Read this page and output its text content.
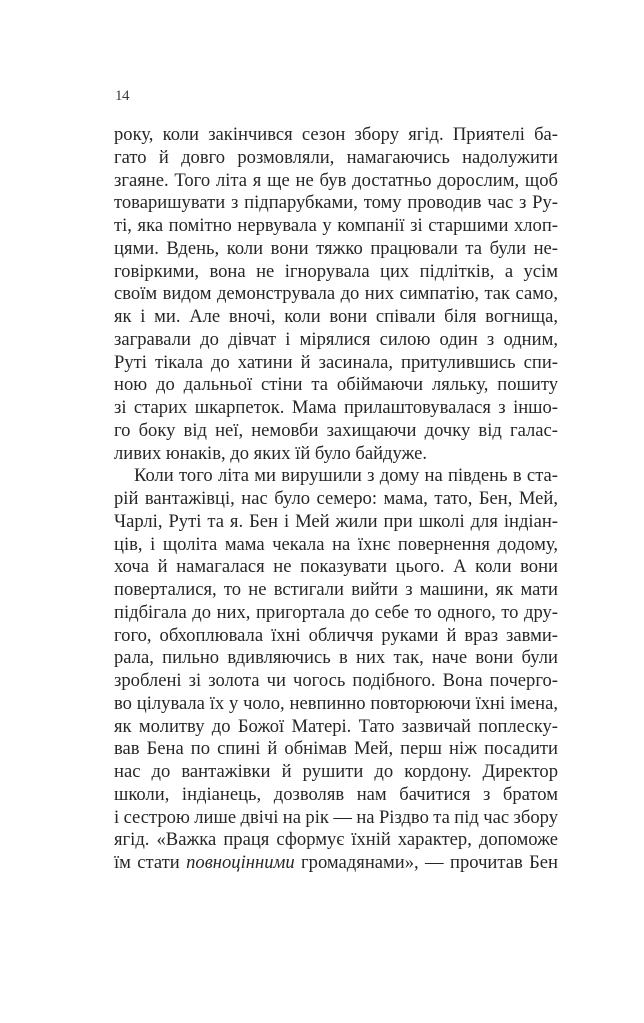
14
року, коли закінчився сезон збору ягід. Приятелі ба-
гато й довго розмовляли, намагаючись надолужити
згаяне. Того літа я ще не був достатньо дорослим, щоб
товаришувати з підпарубками, тому проводив час з Ру-
ті, яка помітно нервувала у компанії зі старшими хлоп-
цями. Вдень, коли вони тяжко працювали та були не-
говіркими, вона не ігнорувала цих підлітків, а усім
своїм видом демонструвала до них симпатію, так само,
як і ми. Але вночі, коли вони співали біля вогнища,
загравали до дівчат і мірялися силою один з одним,
Руті тікала до хатини й засинала, притулившись спи-
ною до дальньої стіни та обіймаючи ляльку, пошиту
зі старих шкарпеток. Мама прилаштовувалася з іншо-
го боку від неї, немовби захищаючи дочку від галас-
ливих юнаків, до яких їй було байдуже.
Коли того літа ми вирушили з дому на південь в ста-
рій вантажівці, нас було семеро: мама, тато, Бен, Мей,
Чарлі, Руті та я. Бен і Мей жили при школі для індіан-
ців, і щоліта мама чекала на їхнє повернення додому,
хоча й намагалася не показувати цього. А коли вони
поверталися, то не встигали вийти з машини, як мати
підбігала до них, пригортала до себе то одного, то дру-
гого, обхоплювала їхні обличчя руками й враз завми-
рала, пильно вдивляючись в них так, наче вони були
зроблені зі золота чи чогось подібного. Вона почерго-
во цілувала їх у чоло, невпинно повторюючи їхні імена,
як молитву до Божої Матері. Тато зазвичай поплеску-
вав Бена по спині й обнімав Мей, перш ніж посадити
нас до вантажівки й рушити до кордону. Директор
школи, індіанець, дозволяв нам бачитися з братом
і сестрою лише двічі на рік — на Різдво та під час збору
ягід. «Важка праця сформує їхній характер, допоможе
їм стати повноцінними громадянами», — прочитав Бен
